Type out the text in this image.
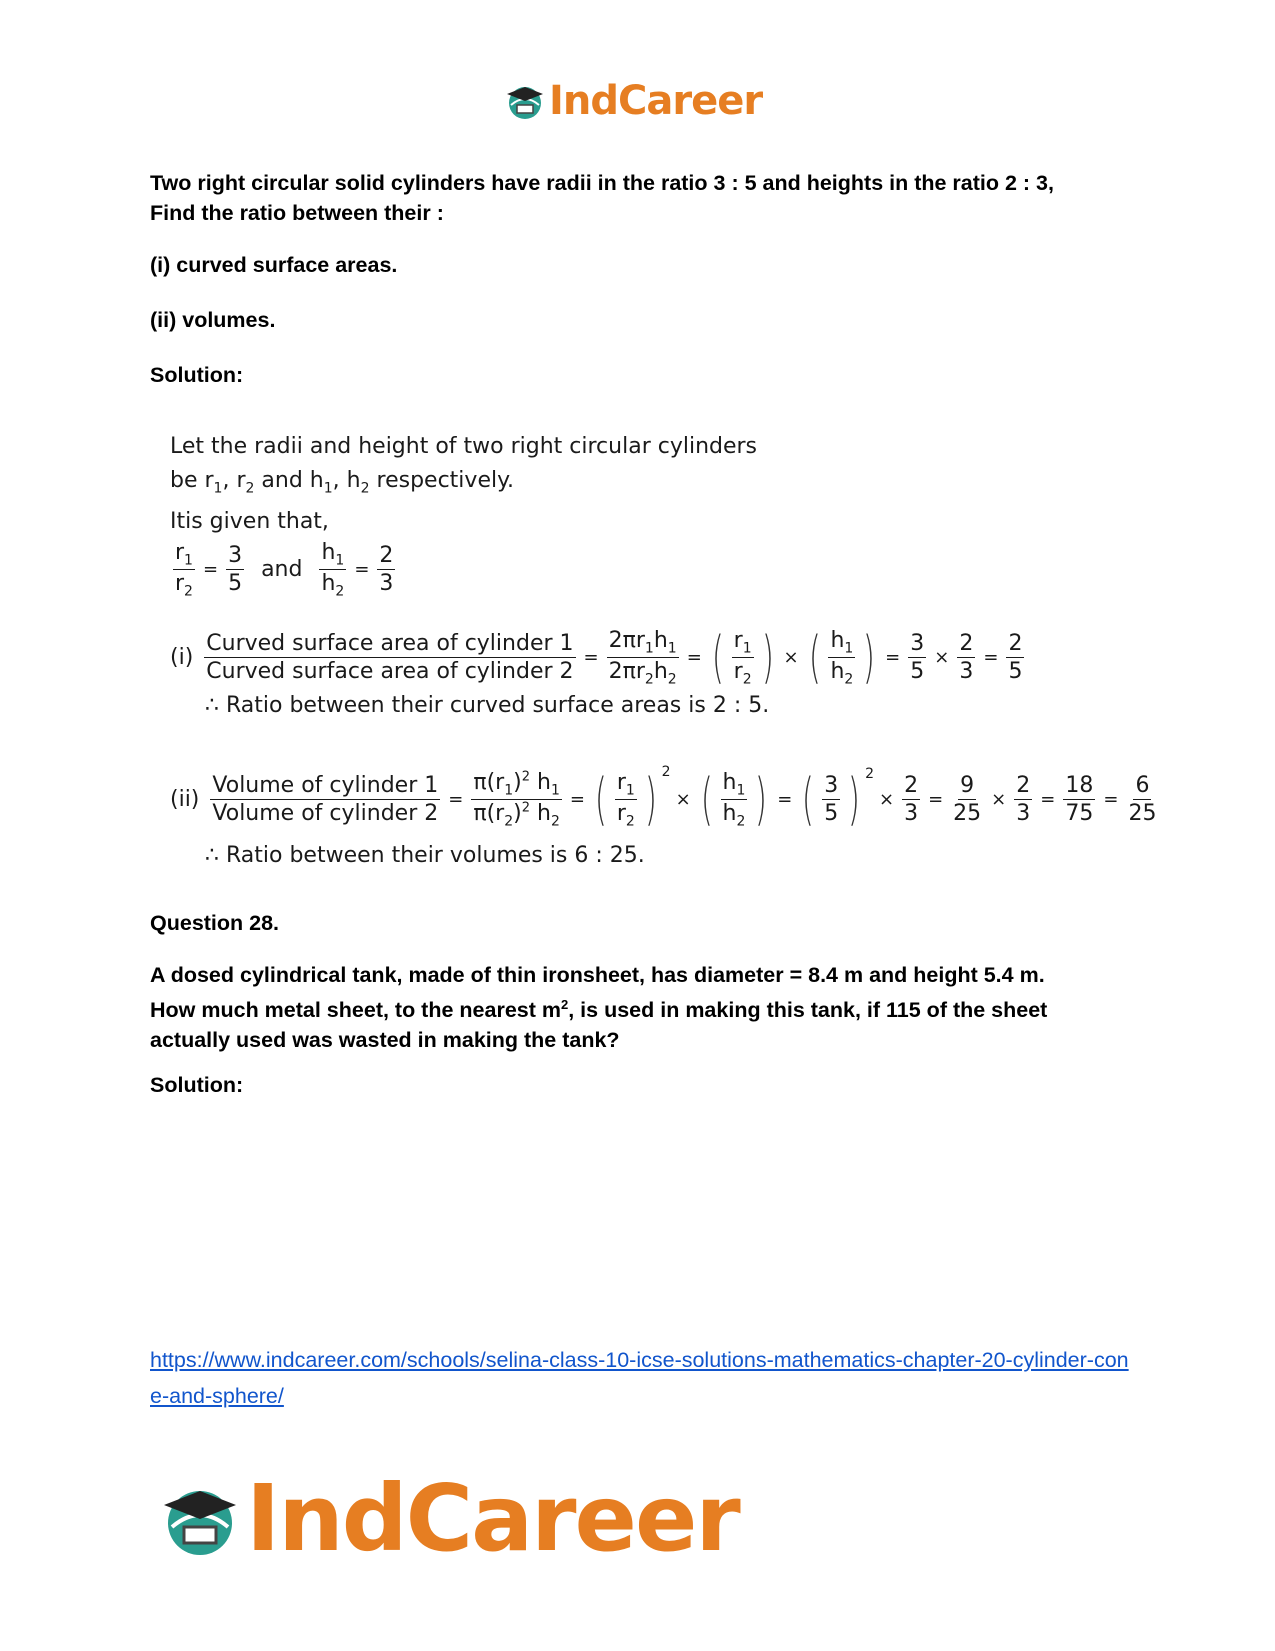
IndCareer
Two right circular solid cylinders have radii in the ratio 3 : 5 and heights in the ratio 2 : 3,
Find the ratio between their :
(i) curved surface areas.
(ii) volumes.
Solution:
Let the radii and height of two right circular cylinders
be $r_1$, $r_2$ and $h_1$, $h_2$ respectively.
Itis given that,
$\frac{r_1}{r_2} = \frac{3}{5}$ and $\frac{h_1}{h_2} = \frac{2}{3}$
$(i) \frac{\text{Curved surface area of cylinder 1}}{\text{Curved surface area of cylinder 2}} = \frac{2\pi r_1h_1}{2\pi r_2h_2}$ = ( $\frac{r_1}{r_2}$ ) × ( $\frac{h_1}{h_2}$ ) = $\frac{3}{5} \times \frac{2}{3} = \frac{2}{5}$
∴ Ratio between their curved surface areas is 2 : 5.
$(ii) \frac{\text{Volume of cylinder 1}}{\text{Volume of cylinder 2}} = \frac{\pi(r_1)^2 h_1}{\pi(r_2)^2 h_2}$ = ( $\frac{r_1}{r_2}$ ) $^2$
× ( $\frac{h_1}{h_2}$ ) = ( $\frac{3}{5}$ ) $^2$
× $\frac{2}{3} = \frac{9}{25} \times \frac{2}{3} = \frac{18}{75} = \frac{6}{25}$
∴ Ratio between their volumes is 6 : 25.
Question 28.
A dosed cylindrical tank, made of thin ironsheet, has diameter = 8.4 m and height 5.4 m.
How much metal sheet, to the nearest $m^2$, is used in making this tank, if 115 of the sheet
actually used was wasted in making the tank?
Solution:
https://www.indcareer.com/schools/selina-class-10-icse-solutions-mathematics-chapter-20-cylinder-cone-and-sphere/
IndCareer
